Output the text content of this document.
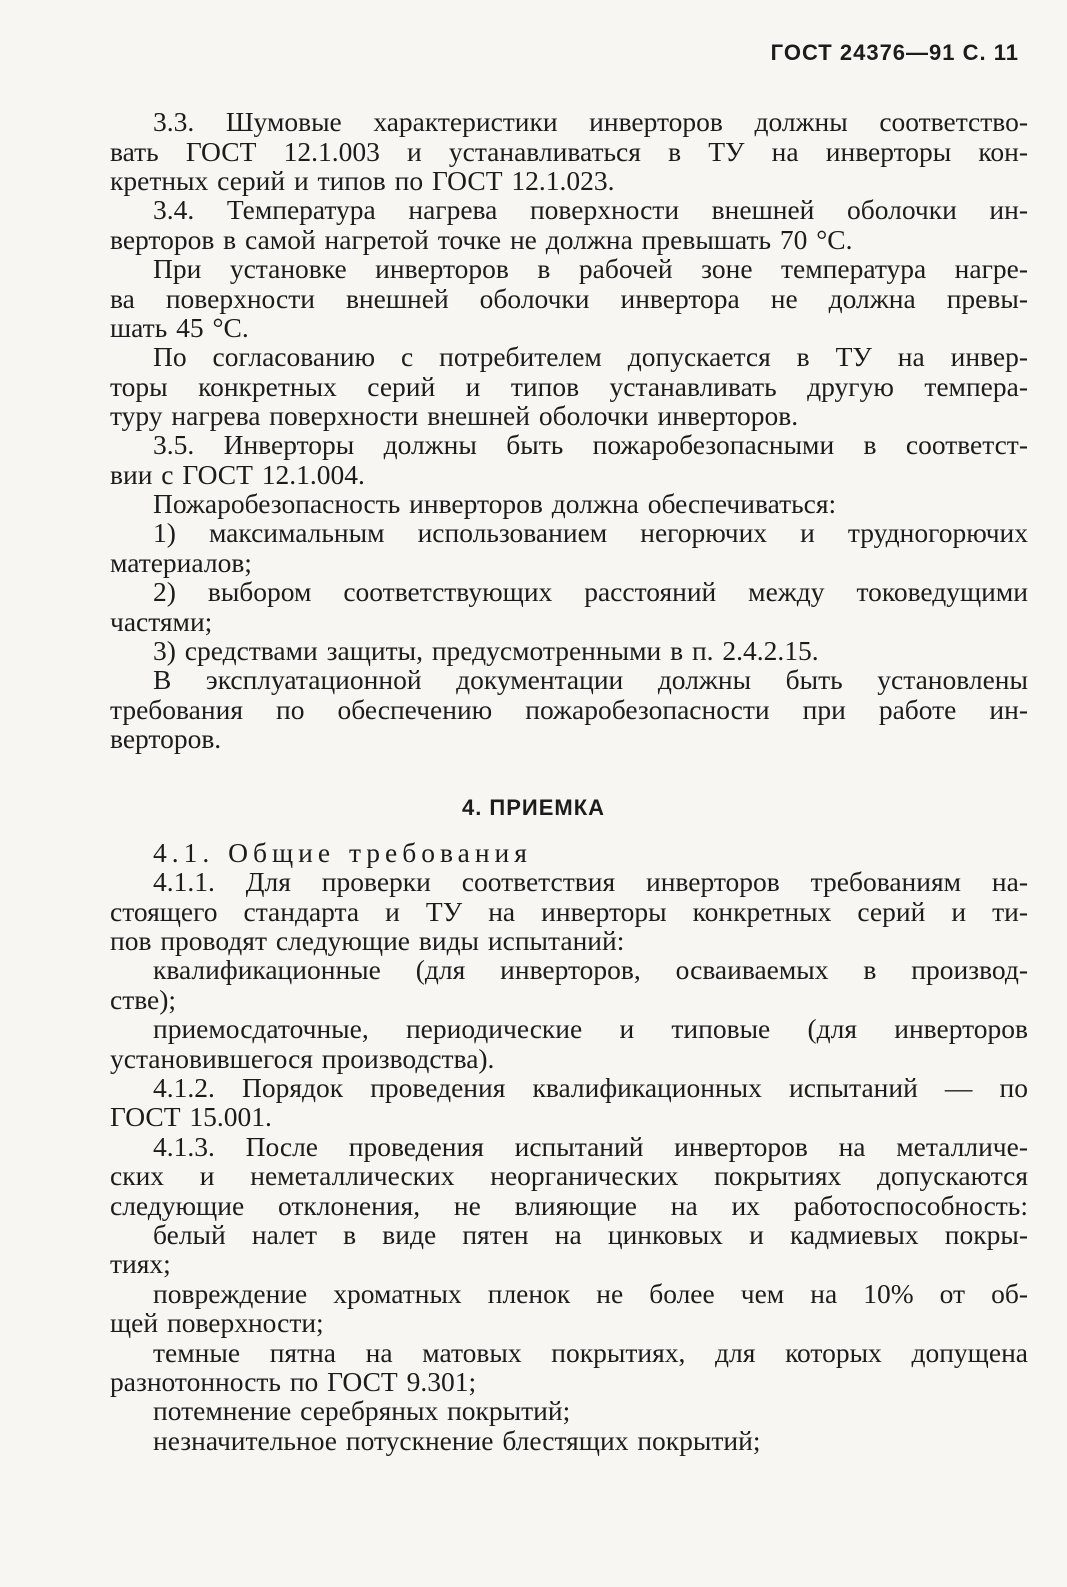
ГОСТ 24376—91 С. 11
3.3. Шумовые характеристики инверторов должны соответство-
вать ГОСТ 12.1.003 и устанавливаться в ТУ на инверторы кон-
кретных серий и типов по ГОСТ 12.1.023.
3.4. Температура нагрева поверхности внешней оболочки ин-
верторов в самой нагретой точке не должна превышать 70 °С.
При установке инверторов в рабочей зоне температура нагре-
ва поверхности внешней оболочки инвертора не должна превы-
шать 45 °С.
По согласованию с потребителем допускается в ТУ на инвер-
торы конкретных серий и типов устанавливать другую темпера-
туру нагрева поверхности внешней оболочки инверторов.
3.5. Инверторы должны быть пожаробезопасными в соответст-
вии с ГОСТ 12.1.004.
Пожаробезопасность инверторов должна обеспечиваться:
1) максимальным использованием негорючих и трудногорючих
материалов;
2) выбором соответствующих расстояний между токоведущими
частями;
3) средствами защиты, предусмотренными в п. 2.4.2.15.
В эксплуатационной документации должны быть установлены
требования по обеспечению пожаробезопасности при работе ин-
верторов.
4. ПРИЕМКА
4.1. Общие требования
4.1.1. Для проверки соответствия инверторов требованиям на-
стоящего стандарта и ТУ на инверторы конкретных серий и ти-
пов проводят следующие виды испытаний:
квалификационные (для инверторов, осваиваемых в производ-
стве);
приемосдаточные, периодические и типовые (для инверторов
установившегося производства).
4.1.2. Порядок проведения квалификационных испытаний — по
ГОСТ 15.001.
4.1.3. После проведения испытаний инверторов на металличе-
ских и неметаллических неорганических покрытиях допускаются
следующие отклонения, не влияющие на их работоспособность:
белый налет в виде пятен на цинковых и кадмиевых покры-
тиях;
повреждение хроматных пленок не более чем на 10% от об-
щей поверхности;
темные пятна на матовых покрытиях, для которых допущена
разнотонность по ГОСТ 9.301;
потемнение серебряных покрытий;
незначительное потускнение блестящих покрытий;
